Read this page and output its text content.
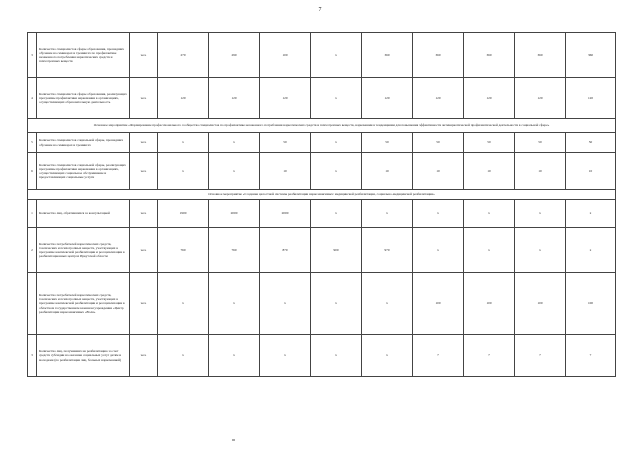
7
3	Количество специалистов сферы образования, прошедших обучение на семинарах и тренингах по профилактике незаконного потребления наркотических средств и психотропных веществ	чел.	270	290	100	x	360	360	360	360	360
4	Количество специалистов сферы образования, реализующих программы профилактики наркомании в организациях, осуществляющих образовательную деятельность	чел.	120	120	120	x	120	120	120	120	120
Основное мероприятие «Формирование профессионального сообщества специалистов по профилактике незаконного потребления наркотических средств и психотропных веществ, наркомании в тенденциями для повышения эффективности антинаркотической профилактической деятельности в социальной сфере»											
5	Количество специалистов социальной сферы, прошедших обучение на семинарах и тренингах	чел.	x	x	50	x	50	50	50	50	50
6	Количество специалистов социальной сферы, реализующих программы профилактики наркомании в организациях, осуществляющих социальное обслуживание и предоставляющих социальные услуги	чел.	x	x	10	x	10	10	10	10	10
Основное мероприятие «Создание целостной системы реабилитации наркозависимых: медицинской реабилитации, социально-медицинской реабилитации»											
1	Количество лиц, обратившихся за консультацией	чел.	1900	2000	2000	x	x	x	x	x	x
2	Количество потребителей наркотических средств, токсических и психотропных веществ, участвующих в программе комплексной реабилитации и ресоциализации в реабилитационных центрах Иркутской области	чел.	760	760	870	900	970	x	x	x	x
	Количество потребителей наркотических средств, токсических и психотропных веществ, участвующих в программе комплексной реабилитации и ресоциализации в областном государственном казенном учреждении «Центр реабилитации наркозависимых «Воля»	чел.	x	x	x	x	x	100	100	100	100
3	Количество лиц, получивших на реабилитацию за счет средств субсидии на оказание социальных услуг детям и молодежи (по реабилитации лиц, больных наркоманией)	чел.	x	x	x	x	x	7	7	7	7
